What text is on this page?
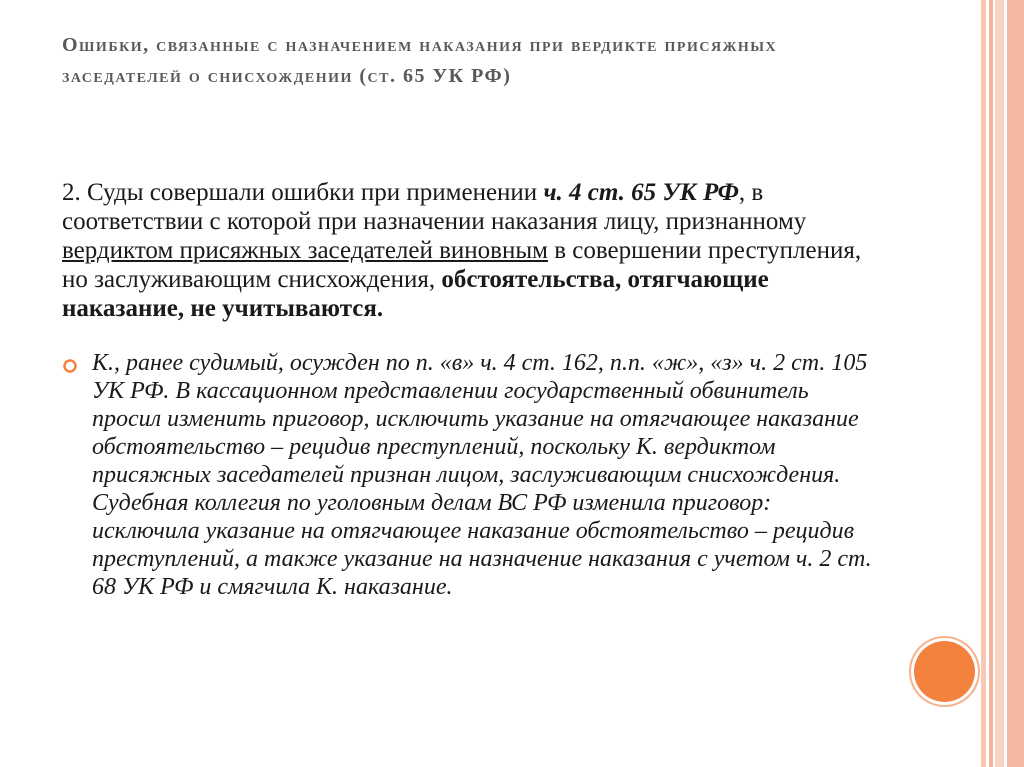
Ошибки, связанные с назначением наказания при вердикте присяжных заседателей о снисхождении (ст. 65 УК РФ)

2. Суды совершали ошибки при применении ч. 4 ст. 65 УК РФ, в соответствии с которой при назначении наказания лицу, признанному вердиктом присяжных заседателей виновным в совершении преступления, но заслуживающим снисхождения, обстоятельства, отягчающие наказание, не учитываются.

К., ранее судимый, осужден по п. «в» ч. 4 ст. 162, п.п. «ж», «з» ч. 2 ст. 105 УК РФ. В кассационном представлении государственный обвинитель просил изменить приговор, исключить указание на отягчающее наказание обстоятельство – рецидив преступлений, поскольку К. вердиктом присяжных заседателей признан лицом, заслуживающим снисхождения. Судебная коллегия по уголовным делам ВС РФ изменила приговор: исключила указание на отягчающее наказание обстоятельство – рецидив преступлений, а также указание на назначение наказания с учетом ч. 2 ст. 68 УК РФ и смягчила К. наказание.
